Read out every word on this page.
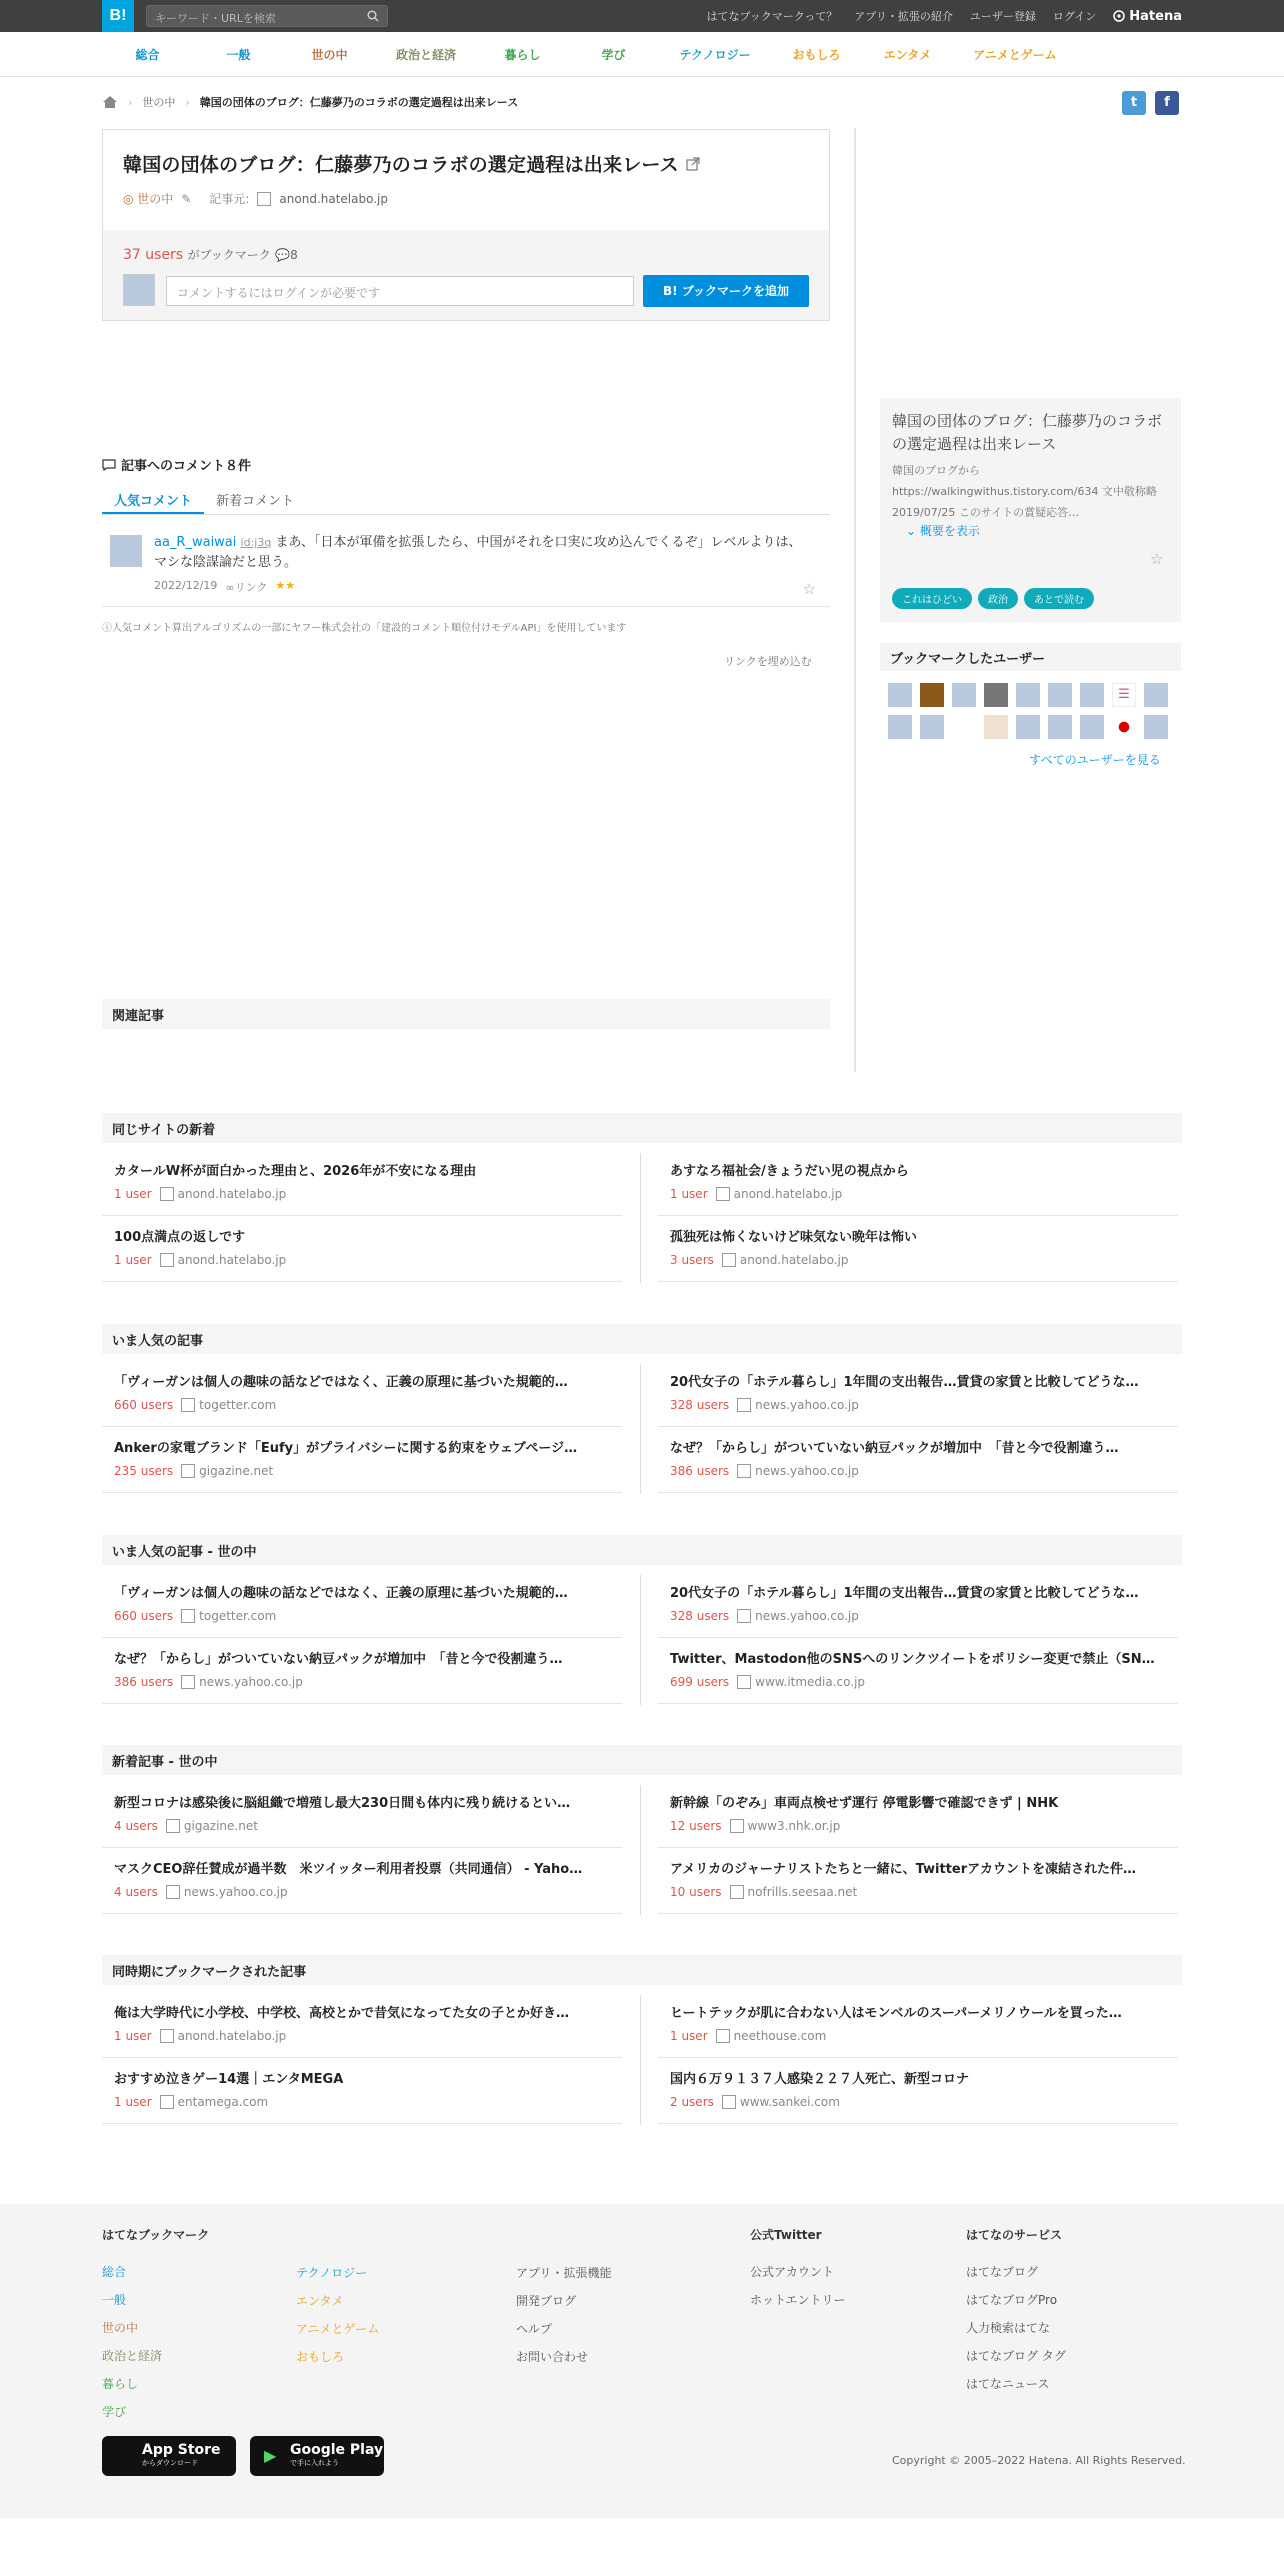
B!	キーワード・URLを検索	はてなブックマークって？ アプリ・拡張の紹介 ユーザー登録 ログイン	Hatena
総合	一般	世の中	政治と経済	暮らし	学び	テクノロジー	おもしろ	エンタメ	アニメとゲーム
› 世の中 › 韓国の団体のブログ：仁藤夢乃のコラボの選定過程は出来レース	t	f
韓国の団体のブログ：仁藤夢乃のコラボの選定過程は出来レース
◎ 世の中 ✎ 記事元:	anond.hatelabo.jp
37 users がブックマーク 💬8
コメントするにはログインが必要です	B! ブックマークを追加
記事へのコメント８件
人気コメント	新着コメント
aa_R_waiwai id:j3q まあ、「日本が軍備を拡張したら、中国がそれを口実に攻め込んでくるぞ」レベルよりは、マシな陰謀論だと思う。
2022/12/19 ∞リンク ★★	☆
ⓘ人気コメント算出アルゴリズムの一部にヤフー株式会社の「建設的コメント順位付けモデルAPI」を使用しています
リンクを埋め込む
関連記事
韓国の団体のブログ：仁藤夢乃のコラボの選定過程は出来レース
韓国のブログから https://walkingwithus.tistory.com/634 文中敬称略 2019/07/25 このサイトの賞疑応答…
⌄ 概要を表示
☆
これはひどい	政治	あとで読む
ブックマークしたユーザー
☰
すべてのユーザーを見る
同じサイトの新着
カタールW杯が面白かった理由と、2026年が不安になる理由
1 user anond.hatelabo.jp
あすなろ福祉会/きょうだい児の視点から
1 user anond.hatelabo.jp
100点満点の返しです
1 user anond.hatelabo.jp
孤独死は怖くないけど味気ない晩年は怖い
3 users anond.hatelabo.jp
いま人気の記事
「ヴィーガンは個人の趣味の話などではなく、正義の原理に基づいた規範的…
660 users togetter.com
20代女子の「ホテル暮らし」1年間の支出報告…賃貸の家賃と比較してどうな…
328 users news.yahoo.co.jp
Ankerの家電ブランド「Eufy」がプライバシーに関する約束をウェブページ…
235 users gigazine.net
なぜ？「からし」がついていない納豆パックが増加中　「昔と今で役割違う…
386 users news.yahoo.co.jp
いま人気の記事 - 世の中
「ヴィーガンは個人の趣味の話などではなく、正義の原理に基づいた規範的…
660 users togetter.com
20代女子の「ホテル暮らし」1年間の支出報告…賃貸の家賃と比較してどうな…
328 users news.yahoo.co.jp
なぜ？「からし」がついていない納豆パックが増加中　「昔と今で役割違う…
386 users news.yahoo.co.jp
Twitter、Mastodon他のSNSへのリンクツイートをポリシー変更で禁止（SN…
699 users www.itmedia.co.jp
新着記事 - 世の中
新型コロナは感染後に脳組織で増殖し最大230日間も体内に残り続けるとい…
4 users gigazine.net
新幹線「のぞみ」車両点検せず運行 停電影響で確認できず | NHK
12 users www3.nhk.or.jp
マスクCEO辞任賛成が過半数　米ツイッター利用者投票（共同通信） - Yaho…
4 users news.yahoo.co.jp
アメリカのジャーナリストたちと一緒に、Twitterアカウントを凍結された件…
10 users nofrills.seesaa.net
同時期にブックマークされた記事
俺は大学時代に小学校、中学校、高校とかで昔気になってた女の子とか好き…
1 user anond.hatelabo.jp
ヒートテックが肌に合わない人はモンベルのスーパーメリノウールを買った…
1 user neethouse.com
おすすめ泣きゲー14選｜エンタMEGA
1 user entamega.com
国内６万９１３７人感染２２７人死亡、新型コロナ
2 users www.sankei.com
はてなブックマーク

総合

一般

世の中

政治と経済

暮らし

学び

テクノロジー

エンタメ

アニメとゲーム

おもしろ

アプリ・拡張機能

開発ブログ

ヘルプ

お問い合わせ

公式Twitter

公式アカウント

ホットエントリー

はてなのサービス

はてなブログ

はてなブログPro

人力検索はてな

はてなブログ タグ

はてなニュース

App Store
からダウンロード	▶ Google Play
で手に入れよう	Copyright © 2005–2022 Hatena. All Rights Reserved.
